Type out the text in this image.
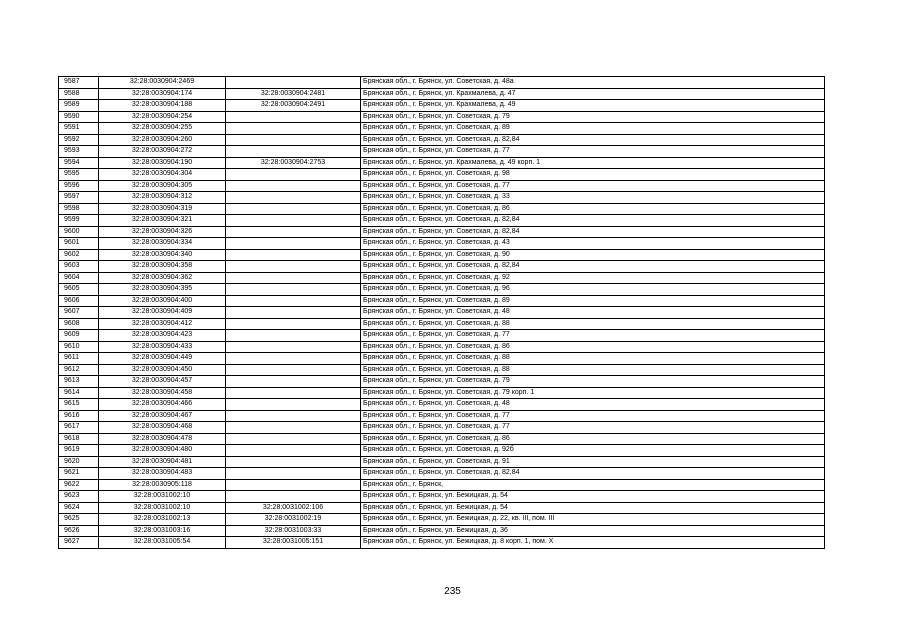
9587	32:28:0030904:2469		Брянская обл., г. Брянск, ул. Советская, д. 48а
9588	32:28:0030904:174	32:28:0030904:2481	Брянская обл., г. Брянск, ул. Крахмалева, д. 47
9589	32:28:0030904:188	32:28:0030904:2491	Брянская обл., г. Брянск, ул. Крахмалева, д. 49
9590	32:28:0030904:254		Брянская обл., г. Брянск, ул. Советская, д. 79
9591	32:28:0030904:255		Брянская обл., г. Брянск, ул. Советская, д. 89
9592	32:28:0030904:260		Брянская обл., г. Брянск, ул. Советская, д. 82,84
9593	32:28:0030904:272		Брянская обл., г. Брянск, ул. Советская, д. 77
9594	32:28:0030904:190	32:28:0030904:2753	Брянская обл., г. Брянск, ул. Крахмалева, д. 49 корп. 1
9595	32:28:0030904:304		Брянская обл., г. Брянск, ул. Советская, д. 98
9596	32:28:0030904:305		Брянская обл., г. Брянск, ул. Советская, д. 77
9597	32:28:0030904:312		Брянская обл., г. Брянск, ул. Советская, д. 33
9598	32:28:0030904:319		Брянская обл., г. Брянск, ул. Советская, д. 86
9599	32:28:0030904:321		Брянская обл., г. Брянск, ул. Советская, д. 82,84
9600	32:28:0030904:326		Брянская обл., г. Брянск, ул. Советская, д. 82,84
9601	32:28:0030904:334		Брянская обл., г. Брянск, ул. Советская, д. 43
9602	32:28:0030904:340		Брянская обл., г. Брянск, ул. Советская, д. 90
9603	32:28:0030904:358		Брянская обл., г. Брянск, ул. Советская, д. 82,84
9604	32:28:0030904:362		Брянская обл., г. Брянск, ул. Советская, д. 92
9605	32:28:0030904:395		Брянская обл., г. Брянск, ул. Советская, д. 96
9606	32:28:0030904:400		Брянская обл., г. Брянск, ул. Советская, д. 89
9607	32:28:0030904:409		Брянская обл., г. Брянск, ул. Советская, д. 48
9608	32:28:0030904:412		Брянская обл., г. Брянск, ул. Советская, д. 88
9609	32:28:0030904:423		Брянская обл., г. Брянск, ул. Советская, д. 77
9610	32:28:0030904:433		Брянская обл., г. Брянск, ул. Советская, д. 86
9611	32:28:0030904:449		Брянская обл., г. Брянск, ул. Советская, д. 88
9612	32:28:0030904:450		Брянская обл., г. Брянск, ул. Советская, д. 88
9613	32:28:0030904:457		Брянская обл., г. Брянск, ул. Советская, д. 79
9614	32:28:0030904:458		Брянская обл., г. Брянск, ул. Советская, д. 79 корп. 1
9615	32:28:0030904:466		Брянская обл., г. Брянск, ул. Советская, д. 48
9616	32:28:0030904:467		Брянская обл., г. Брянск, ул. Советская, д. 77
9617	32:28:0030904:468		Брянская обл., г. Брянск, ул. Советская, д. 77
9618	32:28:0030904:478		Брянская обл., г. Брянск, ул. Советская, д. 86
9619	32:28:0030904:480		Брянская обл., г. Брянск, ул. Советская, д. 92б
9620	32:28:0030904:481		Брянская обл., г. Брянск, ул. Советская, д. 91
9621	32:28:0030904:483		Брянская обл., г. Брянск, ул. Советская, д. 82,84
9622	32:28:0030905:118		Брянская обл., г. Брянск,
9623	32:28:0031002:10		Брянская обл., г. Брянск, ул. Бежицкая, д. 54
9624	32:28:0031002:10	32:28:0031002:106	Брянская обл., г. Брянск, ул. Бежицкая, д. 54
9625	32:28:0031002:13	32:28:0031002:19	Брянская обл., г. Брянск, ул. Бежицкая, д. 22, кв. III, пом. III
9626	32:28:0031003:16	32:28:0031003:33	Брянская обл., г. Брянск, ул. Бежицкая, д. 36
9627	32:28:0031005:54	32:28:0031005:151	Брянская обл., г. Брянск, ул. Бежицкая, д. 8 корп. 1, пом. X
235
